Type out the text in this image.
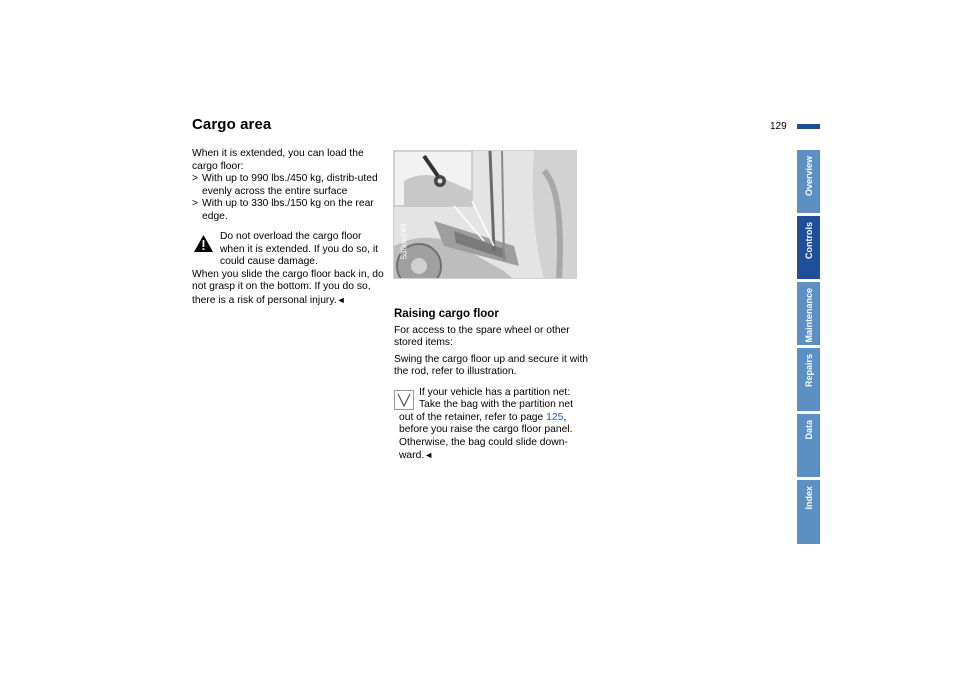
Cargo area	129

When it is extended, you can load the cargo floor:

> With up to 990 lbs./450 kg, distrib-uted evenly across the entire surface
> With up to 330 lbs./150 kg on the rear edge.

Do not overload the cargo floor when it is extended. If you do so, it could cause damage.

When you slide the cargo floor back in, do not grasp it on the bottom. If you do so, there is a risk of personal injury.◄

530de249
Raising cargo floor

For access to the spare wheel or other stored items:

Swing the cargo floor up and secure it with the rod, refer to illustration.

If your vehicle has a partition net: Take the bag with the partition net out of the retainer, refer to page 125, before you raise the cargo floor panel. Otherwise, the bag could slide down-ward.◄

Overview
Controls
Maintenance
Repairs
Data
Index
